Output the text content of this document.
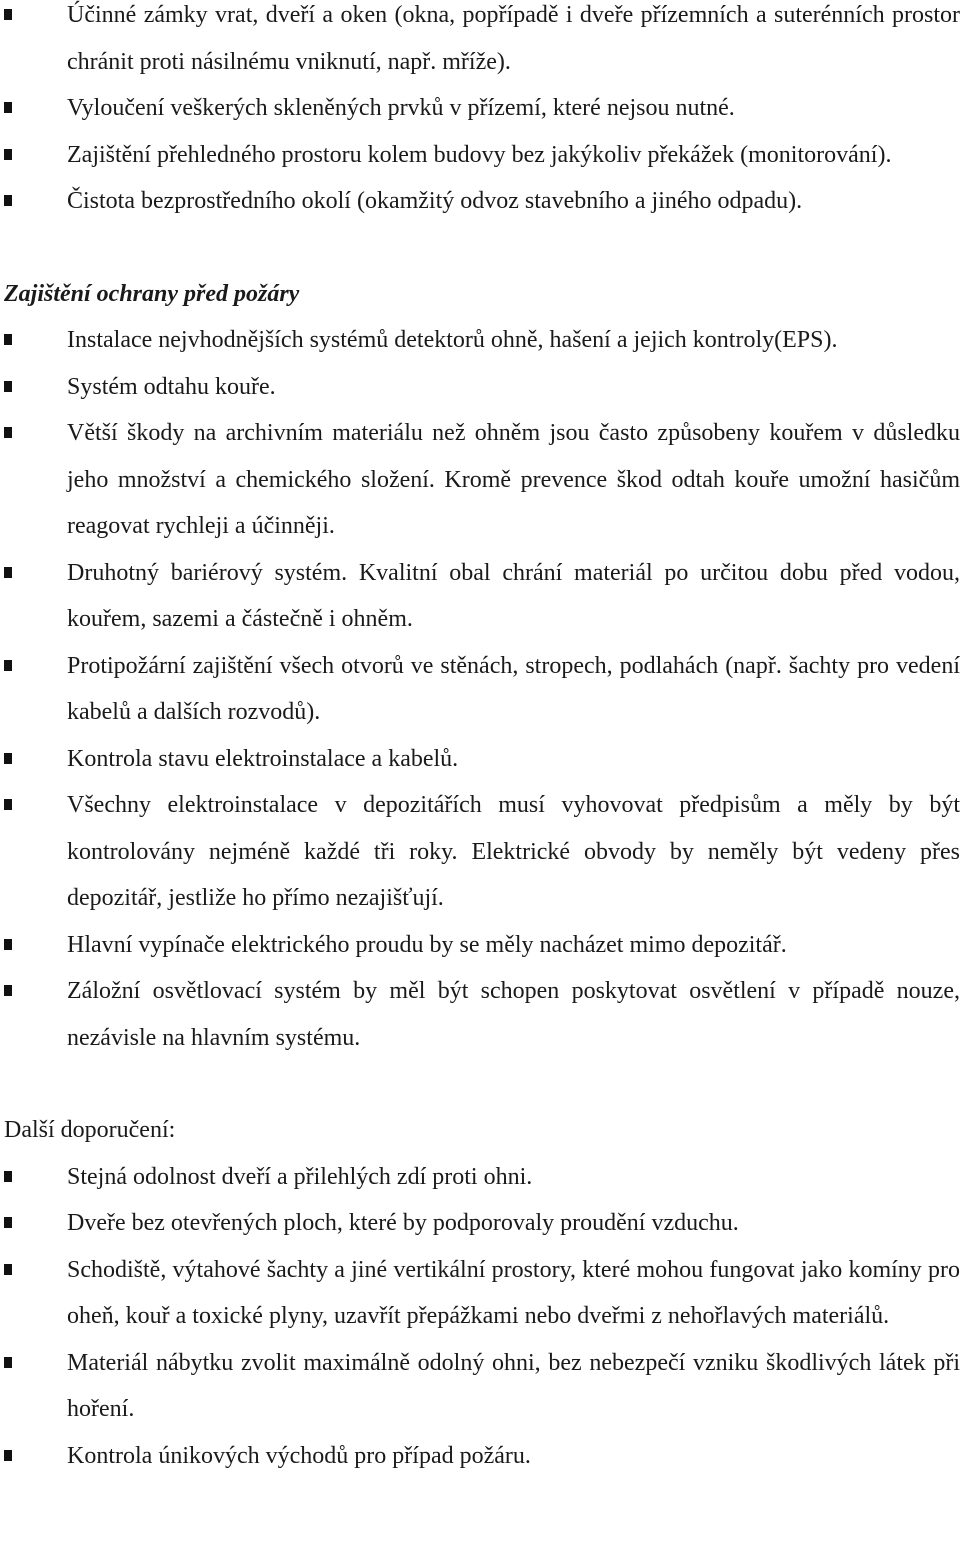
Účinné zámky vrat, dveří a oken (okna, popřípadě i dveře přízemních a suterénních prostor chránit proti násilnému vniknutí, např. mříže).
Vyloučení veškerých skleněných prvků v přízemí, které nejsou nutné.
Zajištění přehledného prostoru kolem budovy bez jakýkoliv překážek (monitorování).
Čistota bezprostředního okolí (okamžitý odvoz stavebního a jiného odpadu).
Zajištění ochrany před požáry
Instalace nejvhodnějších systémů detektorů ohně, hašení a jejich kontroly(EPS).
Systém odtahu kouře.
Větší škody na archivním materiálu než ohněm jsou často způsobeny kouřem v důsledku jeho množství a chemického složení. Kromě prevence škod odtah kouře umožní hasičům reagovat rychleji a účinněji.
Druhotný bariérový systém. Kvalitní obal chrání materiál po určitou dobu před vodou, kouřem, sazemi a částečně i ohněm.
Protipožární zajištění všech otvorů ve stěnách, stropech, podlahách (např. šachty pro vedení kabelů a dalších rozvodů).
Kontrola stavu elektroinstalace a kabelů.
Všechny elektroinstalace v depozitářích musí vyhovovat předpisům a měly by být kontrolovány nejméně každé tři roky. Elektrické obvody by neměly být vedeny přes depozitář, jestliže ho přímo nezajišťují.
Hlavní vypínače elektrického proudu by se měly nacházet mimo depozitář.
Záložní osvětlovací systém by měl být schopen poskytovat osvětlení v případě nouze, nezávisle na hlavním systému.
Další doporučení:
Stejná odolnost dveří a přilehlých zdí proti ohni.
Dveře bez otevřených ploch, které by podporovaly proudění vzduchu.
Schodiště, výtahové šachty a jiné vertikální prostory, které mohou fungovat jako komíny pro oheň, kouř a toxické plyny, uzavřít přepážkami nebo dveřmi z nehořlavých materiálů.
Materiál nábytku zvolit maximálně odolný ohni, bez nebezpečí vzniku škodlivých látek při hoření.
Kontrola únikových východů pro případ požáru.
